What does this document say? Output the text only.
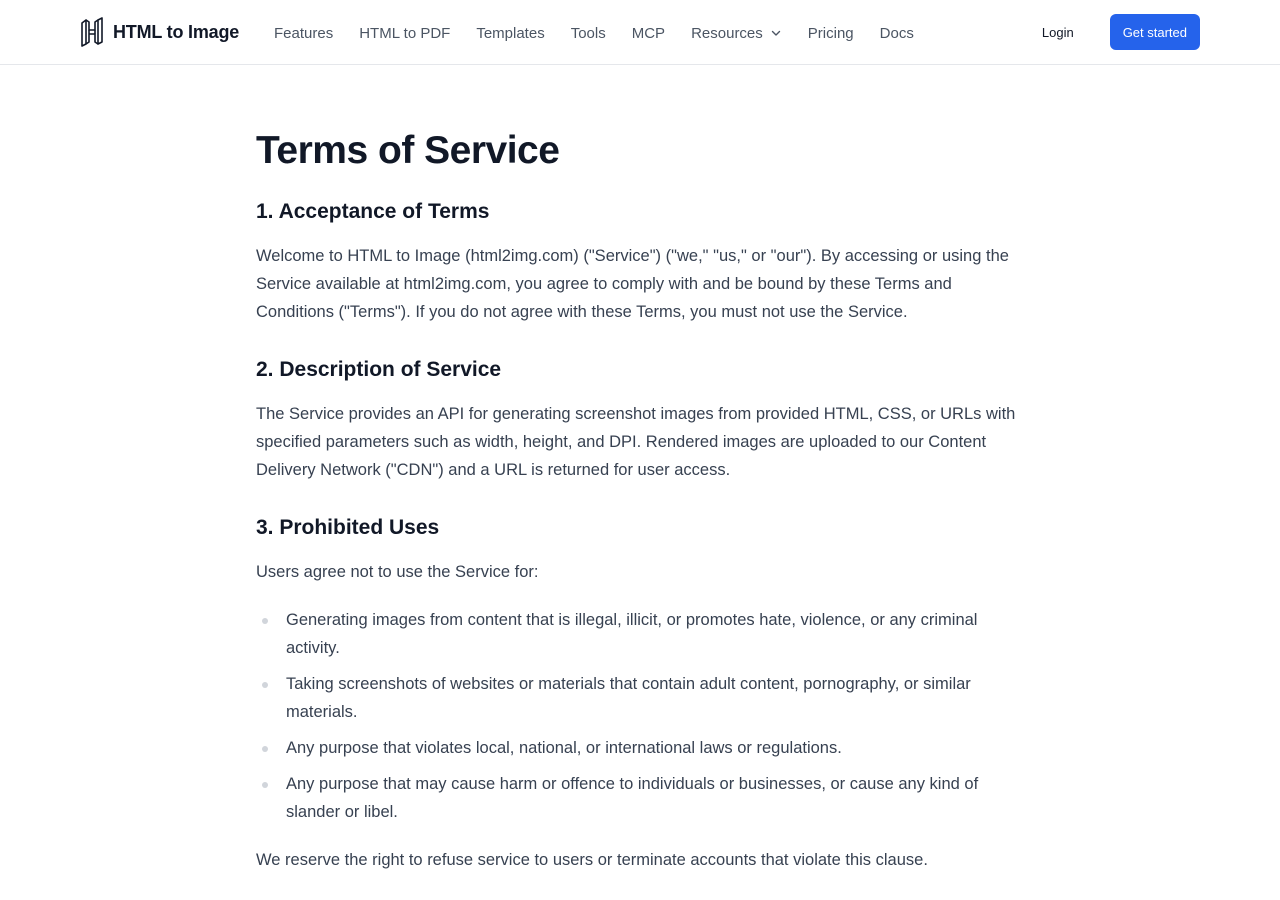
HTML to Image Features HTML to PDF Templates Tools MCP Resources	Pricing Docs	Login	Get started
Terms of Service
1. Acceptance of Terms

Welcome to HTML to Image (html2img.com) ("Service") ("we," "us," or "our"). By accessing or using the Service available at html2img.com, you agree to comply with and be bound by these Terms and Conditions ("Terms"). If you do not agree with these Terms, you must not use the Service.

2. Description of Service

The Service provides an API for generating screenshot images from provided HTML, CSS, or URLs with specified parameters such as width, height, and DPI. Rendered images are uploaded to our Content Delivery Network ("CDN") and a URL is returned for user access.

3. Prohibited Uses

Users agree not to use the Service for:

Generating images from content that is illegal, illicit, or promotes hate, violence, or any criminal activity.
Taking screenshots of websites or materials that contain adult content, pornography, or similar materials.
Any purpose that violates local, national, or international laws or regulations.
Any purpose that may cause harm or offence to individuals or businesses, or cause any kind of slander or libel.

We reserve the right to refuse service to users or terminate accounts that violate this clause.
